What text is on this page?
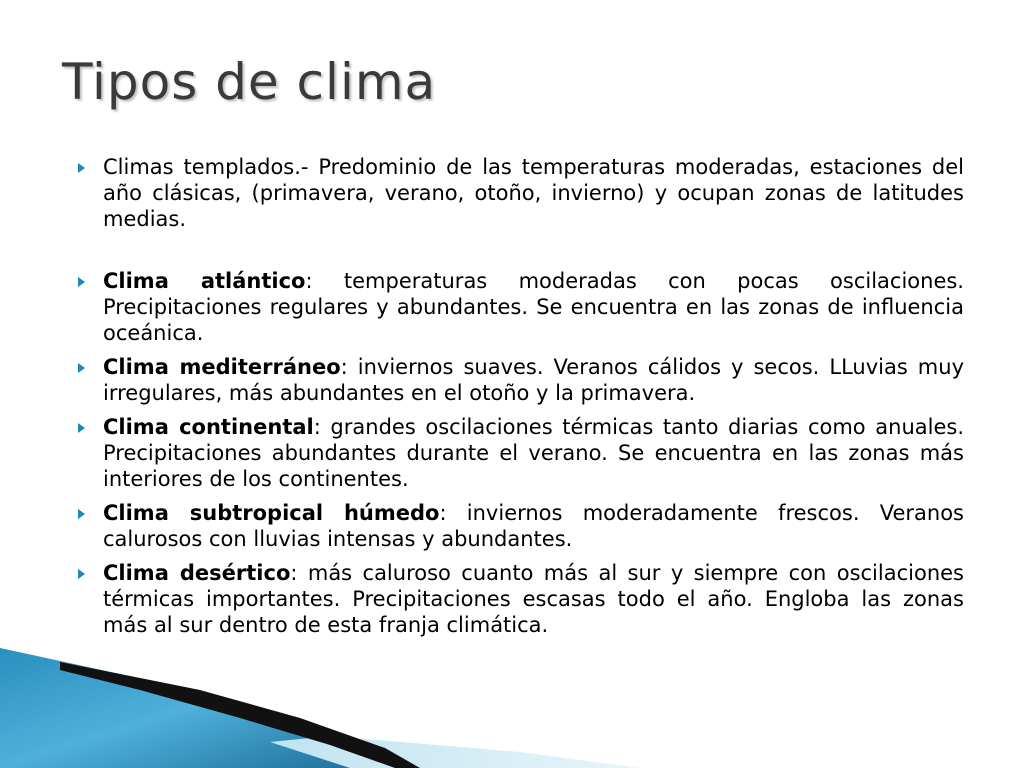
Tipos de clima
Climas templados.- Predominio de las temperaturas moderadas, estaciones del año clásicas, (primavera, verano, otoño, invierno) y ocupan zonas de latitudes medias.
Clima atlántico: temperaturas moderadas con pocas oscilaciones. Precipitaciones regulares y abundantes. Se encuentra en las zonas de influencia oceánica.
Clima mediterráneo: inviernos suaves. Veranos cálidos y secos. LLuvias muy irregulares, más abundantes en el otoño y la primavera.
Clima continental: grandes oscilaciones térmicas tanto diarias como anuales. Precipitaciones abundantes durante el verano. Se encuentra en las zonas más interiores de los continentes.
Clima subtropical húmedo: inviernos moderadamente frescos. Veranos calurosos con lluvias intensas y abundantes.
Clima desértico: más caluroso cuanto más al sur y siempre con oscilaciones térmicas importantes. Precipitaciones escasas todo el año. Engloba las zonas más al sur dentro de esta franja climática.
